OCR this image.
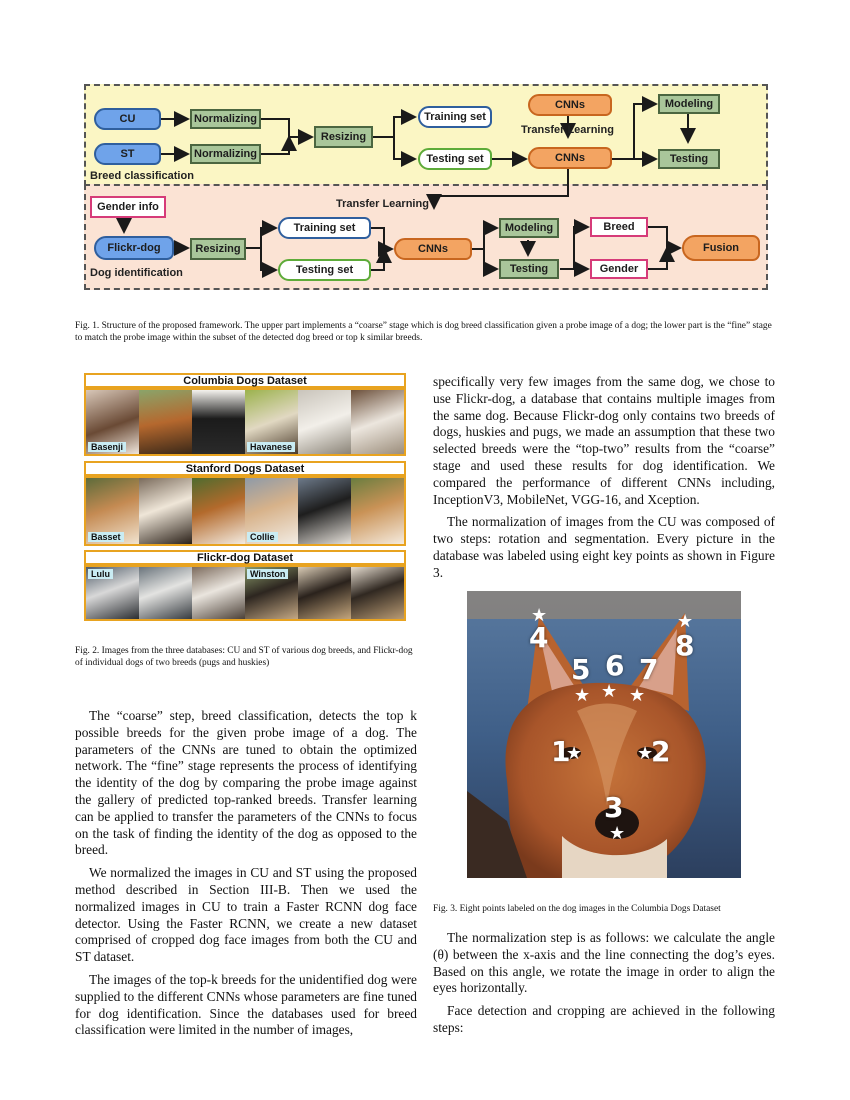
CU
ST
Normalizing
Normalizing
Resizing
Training set
Testing set
CNNs
Transfer Learning
CNNs
Modeling
Testing
Breed classification
Transfer Learning
Gender info
Flickr-dog	Resizing
Training set
Testing set
CNNs
Modeling
Testing
Breed
Gender
Fusion
Dog identification
Fig. 1. Structure of the proposed framework. The upper part implements a “coarse” stage which is dog breed classification given a probe image of a dog; the lower part is the “fine” stage to match the probe image within the subset of the detected dog breed or top k similar breeds.
Columbia Dogs Dataset
Basenji	Havanese
Stanford Dogs Dataset
Basset	Collie
Flickr-dog Dataset
Lulu	Winston
Fig. 2. Images from the three databases: CU and ST of various dog breeds, and Flickr-dog of individual dogs of two breeds (pugs and huskies)

The “coarse” step, breed classification, detects the top k possible breeds for the given probe image of a dog. The parameters of the CNNs are tuned to obtain the optimized network. The “fine” stage represents the process of identifying the identity of the dog by comparing the probe image against the gallery of predicted top-ranked breeds. Transfer learning can be applied to transfer the parameters of the CNNs to focus on the task of finding the identity of the dog as opposed to the breed.

We normalized the images in CU and ST using the proposed method described in Section III-B. Then we used the normalized images in CU to train a Faster RCNN dog face detector. Using the Faster RCNN, we create a new dataset comprised of cropped dog face images from both the CU and ST dataset.

The images of the top-k breeds for the unidentified dog were supplied to the different CNNs whose parameters are fine tuned for dog identification. Since the databases used for breed classification were limited in the number of images,

specifically very few images from the same dog, we chose to use Flickr-dog, a database that contains multiple images from the same dog. Because Flickr-dog only contains two breeds of dogs, huskies and pugs, we made an assumption that these two selected breeds were the “top-two” results from the “coarse” stage and used these results for dog identification. We compared the performance of different CNNs including, InceptionV3, MobileNet, VGG-16, and Xception.

The normalization of images from the CU was composed of two steps: rotation and segmentation. Every picture in the database was labeled using eight key points as shown in Figure 3.

4
★
8
★
5 6 7
★ ★ ★
1
★	★
2
3
★
Fig. 3. Eight points labeled on the dog images in the Columbia Dogs Dataset

The normalization step is as follows: we calculate the angle (θ) between the x-axis and the line connecting the dog’s eyes. Based on this angle, we rotate the image in order to align the eyes horizontally.

Face detection and cropping are achieved in the following steps:
